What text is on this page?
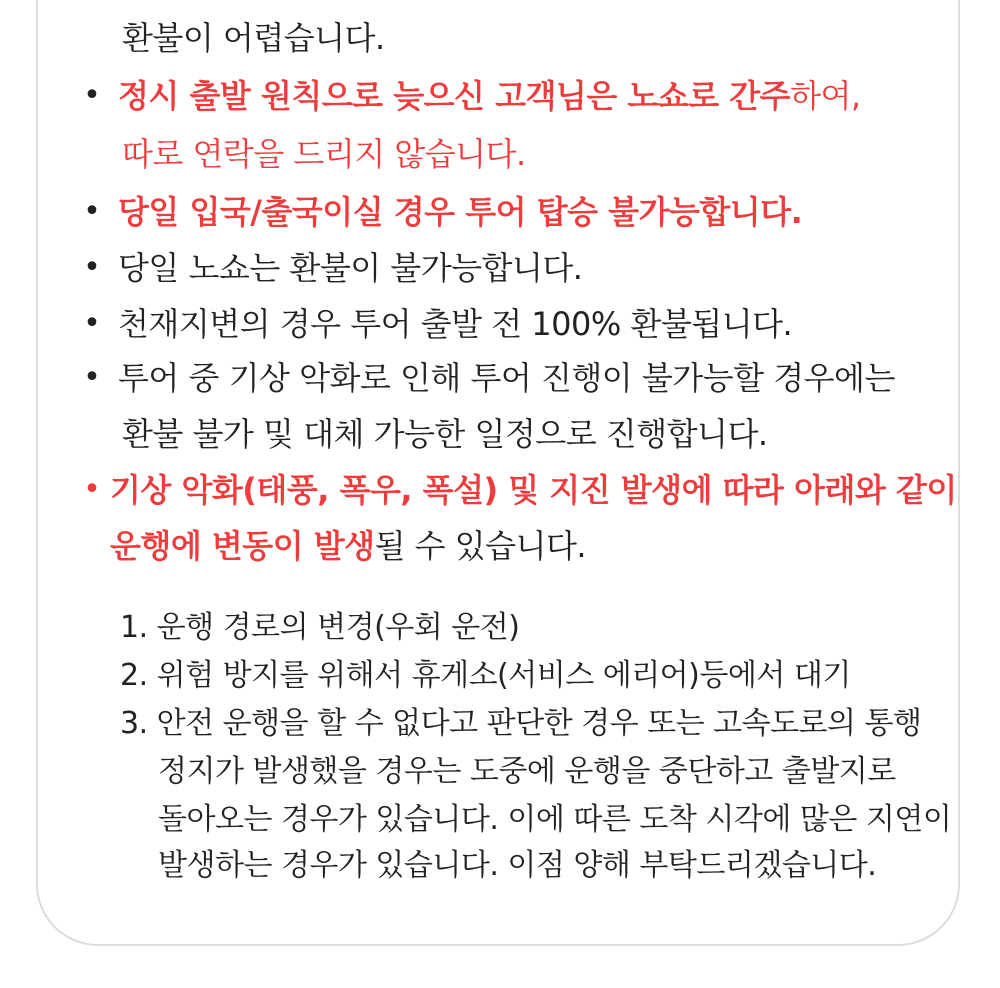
환불이 어렵습니다.
• 정시 출발 원칙으로 늦으신 고객님은 노쇼로 간주하여,
따로 연락을 드리지 않습니다.
• 당일 입국/출국이실 경우 투어 탑승 불가능합니다.
• 당일 노쇼는 환불이 불가능합니다.
• 천재지변의 경우 투어 출발 전 100% 환불됩니다.
• 투어 중 기상 악화로 인해 투어 진행이 불가능할 경우에는
환불 불가 및 대체 가능한 일정으로 진행합니다.
• 기상 악화(태풍, 폭우, 폭설) 및 지진 발생에 따라 아래와 같이
운행에 변동이 발생될 수 있습니다.
1. 운행 경로의 변경(우회 운전)
2. 위험 방지를 위해서 휴게소(서비스 에리어)등에서 대기
3. 안전 운행을 할 수 없다고 판단한 경우 또는 고속도로의 통행
정지가 발생했을 경우는 도중에 운행을 중단하고 출발지로
돌아오는 경우가 있습니다. 이에 따른 도착 시각에 많은 지연이
발생하는 경우가 있습니다. 이점 양해 부탁드리겠습니다.
